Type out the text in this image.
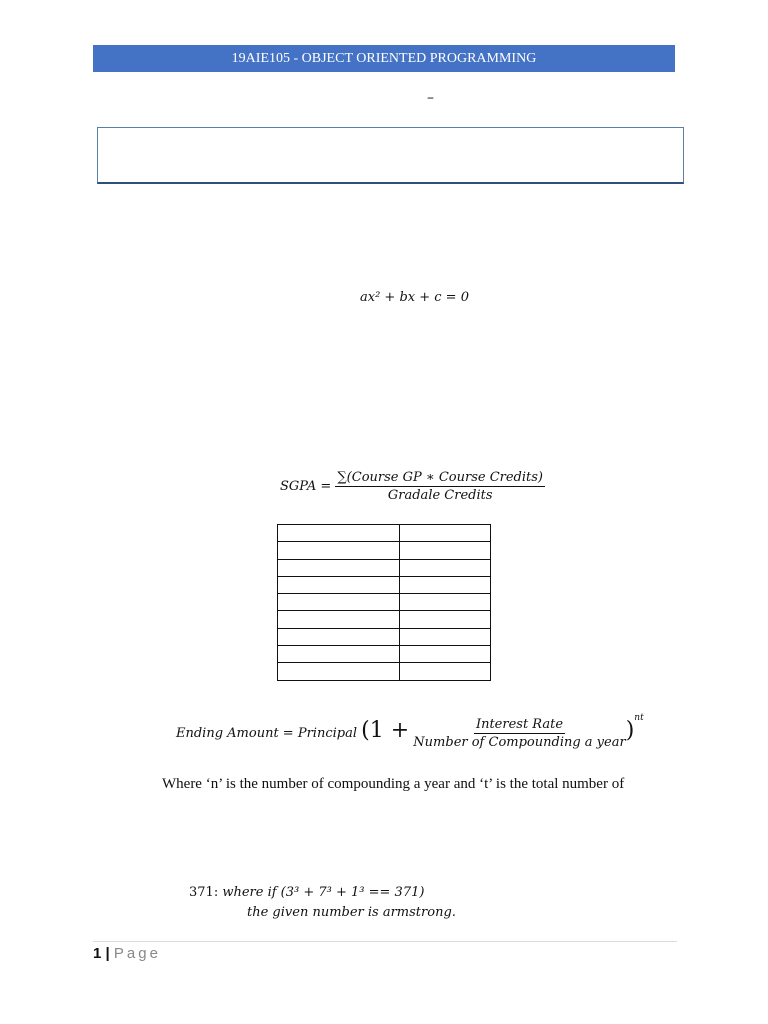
19AIE105 - OBJECT ORIENTED PROGRAMMING
–
ax² + bx + c = 0
SGPA = $\frac{\text{∑(Course GP ∗ Course Credits)}}{\text{Gradale Credits}}$

Ending Amount = Principal $(1 + \frac{\text{Interest Rate}}{\text{Number of Compounding a year}} )^{nt}$
Where ‘n’ is the number of compounding a year and ‘t’ is the total number of
371: where if (3³ + 7³ + 1³ == 371)
the given number is armstrong.
1 | Page
